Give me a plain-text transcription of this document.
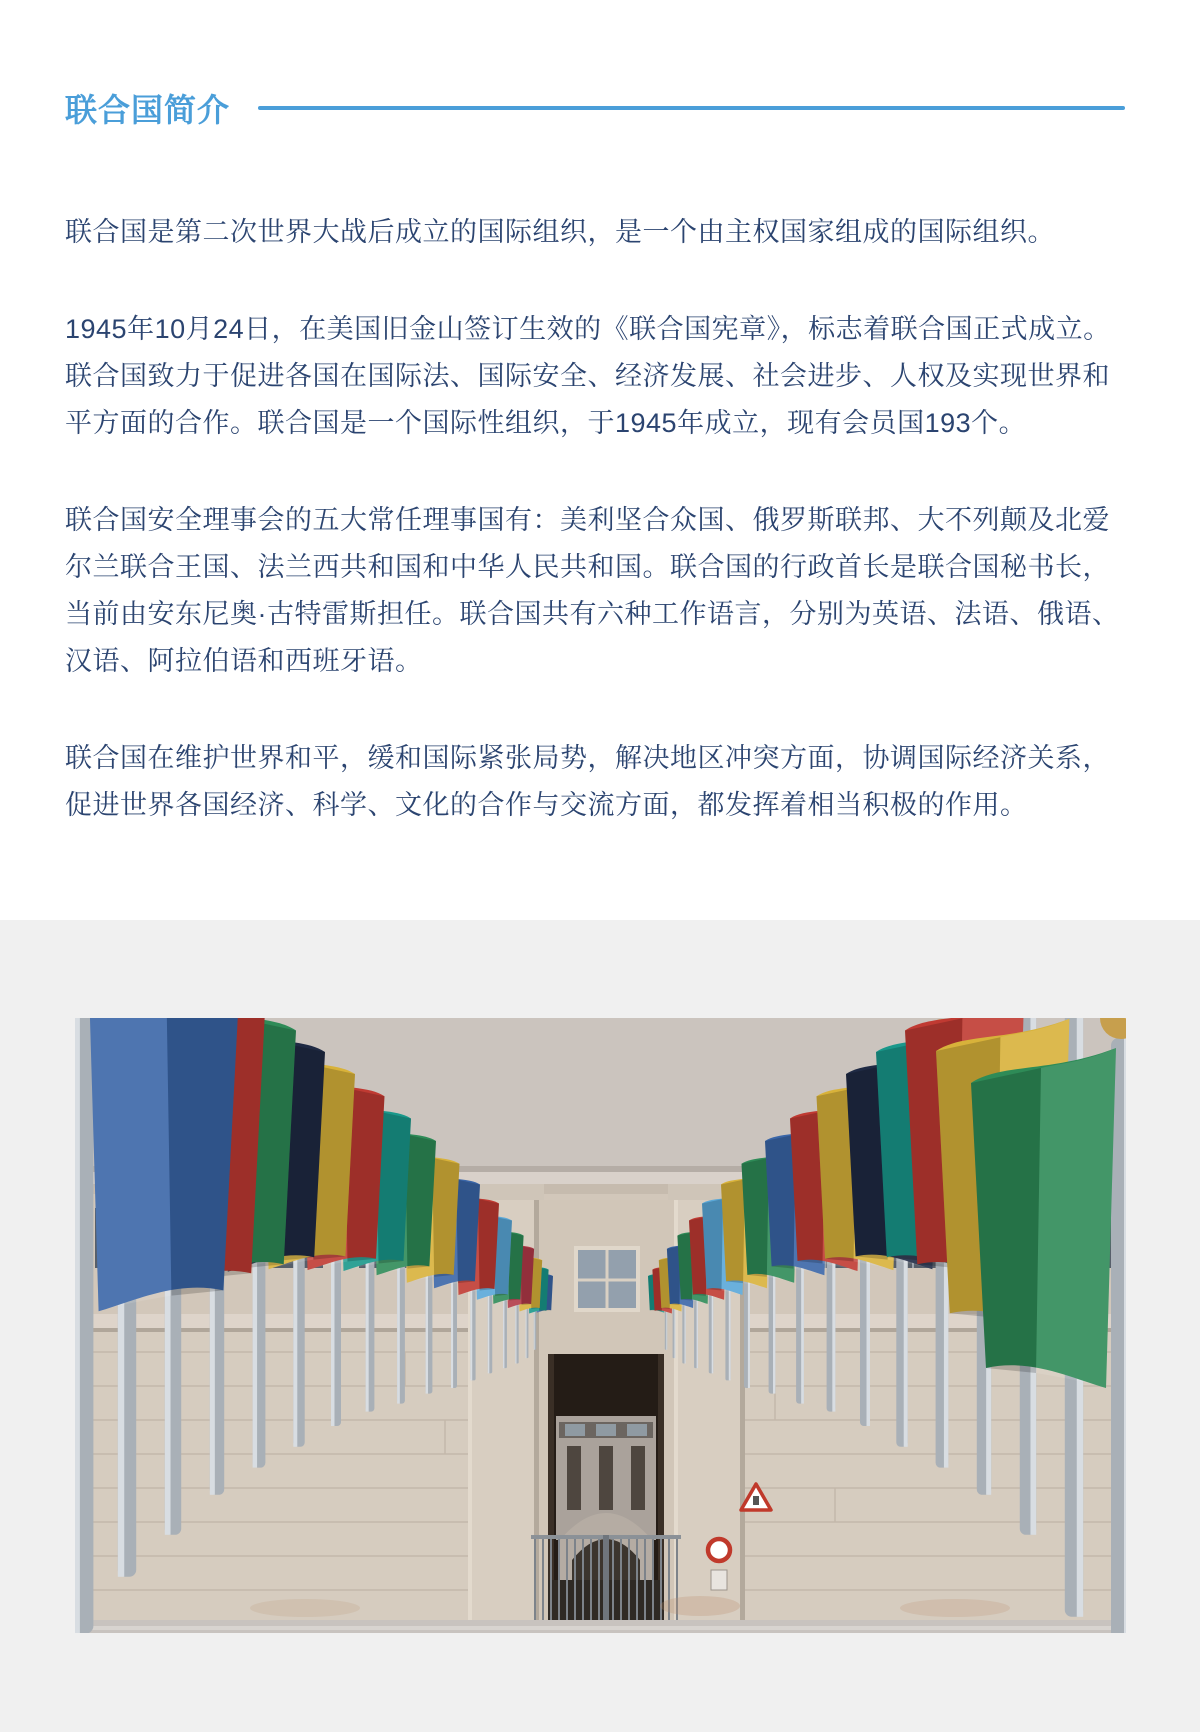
联合国简介

联合国是第二次世界大战后成立的国际组织，是一个由主权国家组成的国际组织。

1945年10月24日，在美国旧金山签订生效的《联合国宪章》，标志着联合国正式成立。
联合国致力于促进各国在国际法、国际安全、经济发展、社会进步、人权及实现世界和
平方面的合作。联合国是一个国际性组织，于1945年成立，现有会员国193个。

联合国安全理事会的五大常任理事国有：美利坚合众国、俄罗斯联邦、大不列颠及北爱
尔兰联合王国、法兰西共和国和中华人民共和国。联合国的行政首长是联合国秘书长，
当前由安东尼奥·古特雷斯担任。联合国共有六种工作语言，分别为英语、法语、俄语、
汉语、阿拉伯语和西班牙语。

联合国在维护世界和平，缓和国际紧张局势，解决地区冲突方面，协调国际经济关系，
促进世界各国经济、科学、文化的合作与交流方面，都发挥着相当积极的作用。
